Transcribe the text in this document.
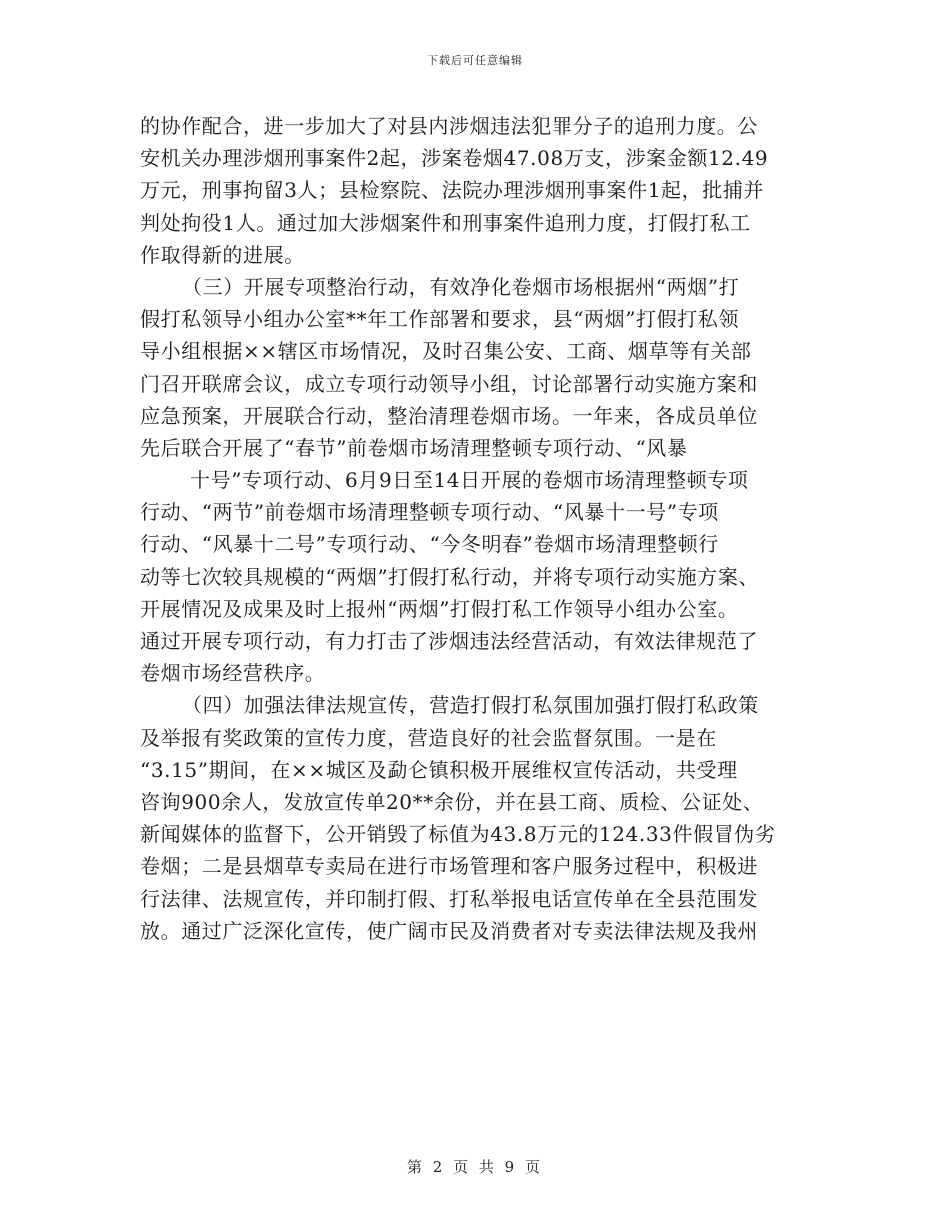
下载后可任意编辑
的协作配合，进一步加大了对县内涉烟违法犯罪分子的追刑力度。公
安机关办理涉烟刑事案件2起，涉案卷烟47.08万支，涉案金额12.49
万元，刑事拘留3人；县检察院、法院办理涉烟刑事案件1起，批捕并
判处拘役1人。通过加大涉烟案件和刑事案件追刑力度，打假打私工
作取得新的进展。
（三）开展专项整治行动，有效净化卷烟市场根据州“两烟”打
假打私领导小组办公室**年工作部署和要求，县“两烟”打假打私领
导小组根据××辖区市场情况，及时召集公安、工商、烟草等有关部
门召开联席会议，成立专项行动领导小组，讨论部署行动实施方案和
应急预案，开展联合行动，整治清理卷烟市场。一年来，各成员单位
先后联合开展了“春节”前卷烟市场清理整顿专项行动、“风暴
十号”专项行动、6月9日至14日开展的卷烟市场清理整顿专项
行动、“两节”前卷烟市场清理整顿专项行动、“风暴十一号”专项
行动、“风暴十二号”专项行动、“今冬明春”卷烟市场清理整顿行
动等七次较具规模的“两烟”打假打私行动，并将专项行动实施方案、
开展情况及成果及时上报州“两烟”打假打私工作领导小组办公室。
通过开展专项行动，有力打击了涉烟违法经营活动，有效法律规范了
卷烟市场经营秩序。
（四）加强法律法规宣传，营造打假打私氛围加强打假打私政策
及举报有奖政策的宣传力度，营造良好的社会监督氛围。一是在
“3.15”期间，在××城区及勐仑镇积极开展维权宣传活动，共受理
咨询900余人，发放宣传单20**余份，并在县工商、质检、公证处、
新闻媒体的监督下，公开销毁了标值为43.8万元的124.33件假冒伪劣
卷烟；二是县烟草专卖局在进行市场管理和客户服务过程中，积极进
行法律、法规宣传，并印制打假、打私举报电话宣传单在全县范围发
放。通过广泛深化宣传，使广阔市民及消费者对专卖法律法规及我州
第 2 页 共 9 页
